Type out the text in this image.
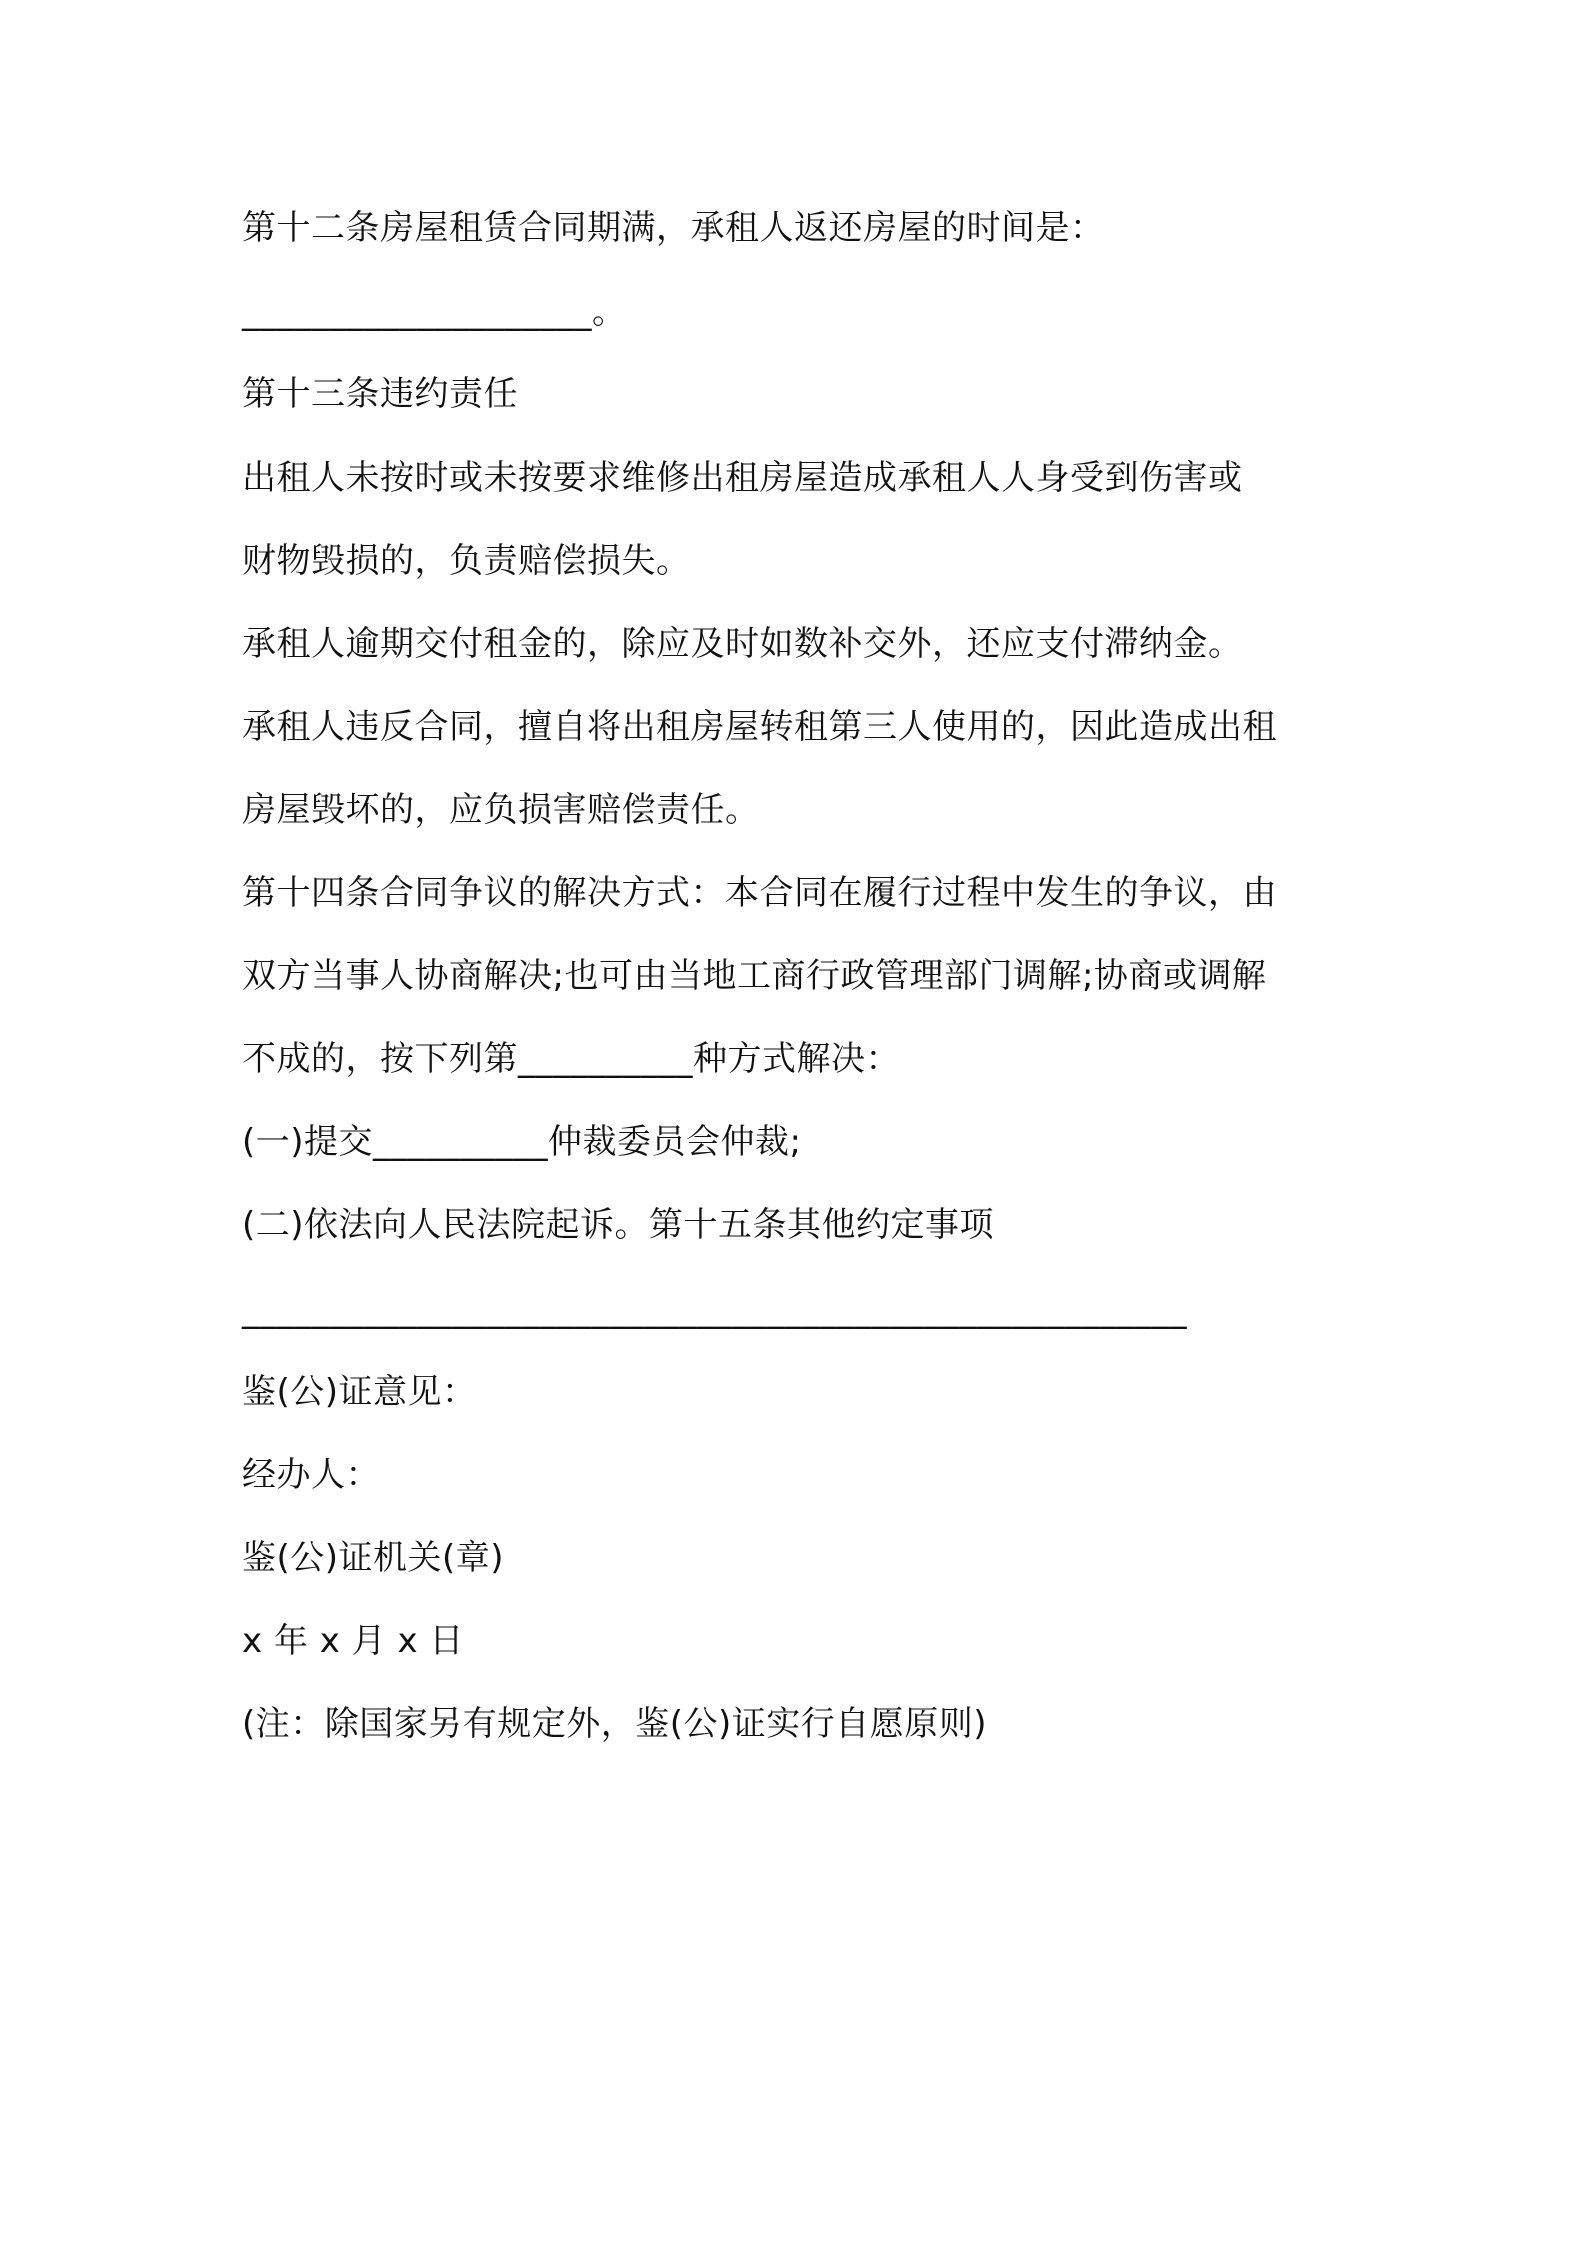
第十二条房屋租赁合同期满，承租人返还房屋的时间是：
____________________。
第十三条违约责任
出租人未按时或未按要求维修出租房屋造成承租人人身受到伤害或
财物毁损的，负责赔偿损失。
承租人逾期交付租金的，除应及时如数补交外，还应支付滞纳金。
承租人违反合同，擅自将出租房屋转租第三人使用的，因此造成出租
房屋毁坏的，应负损害赔偿责任。
第十四条合同争议的解决方式：本合同在履行过程中发生的争议，由
双方当事人协商解决;也可由当地工商行政管理部门调解;协商或调解
不成的，按下列第__________种方式解决：
(一)提交__________仲裁委员会仲裁;
(二)依法向人民法院起诉。第十五条其他约定事项
______________________________________________________
鉴(公)证意见：
经办人：
鉴(公)证机关(章)
x 年 x 月 x 日
(注：除国家另有规定外，鉴(公)证实行自愿原则)
